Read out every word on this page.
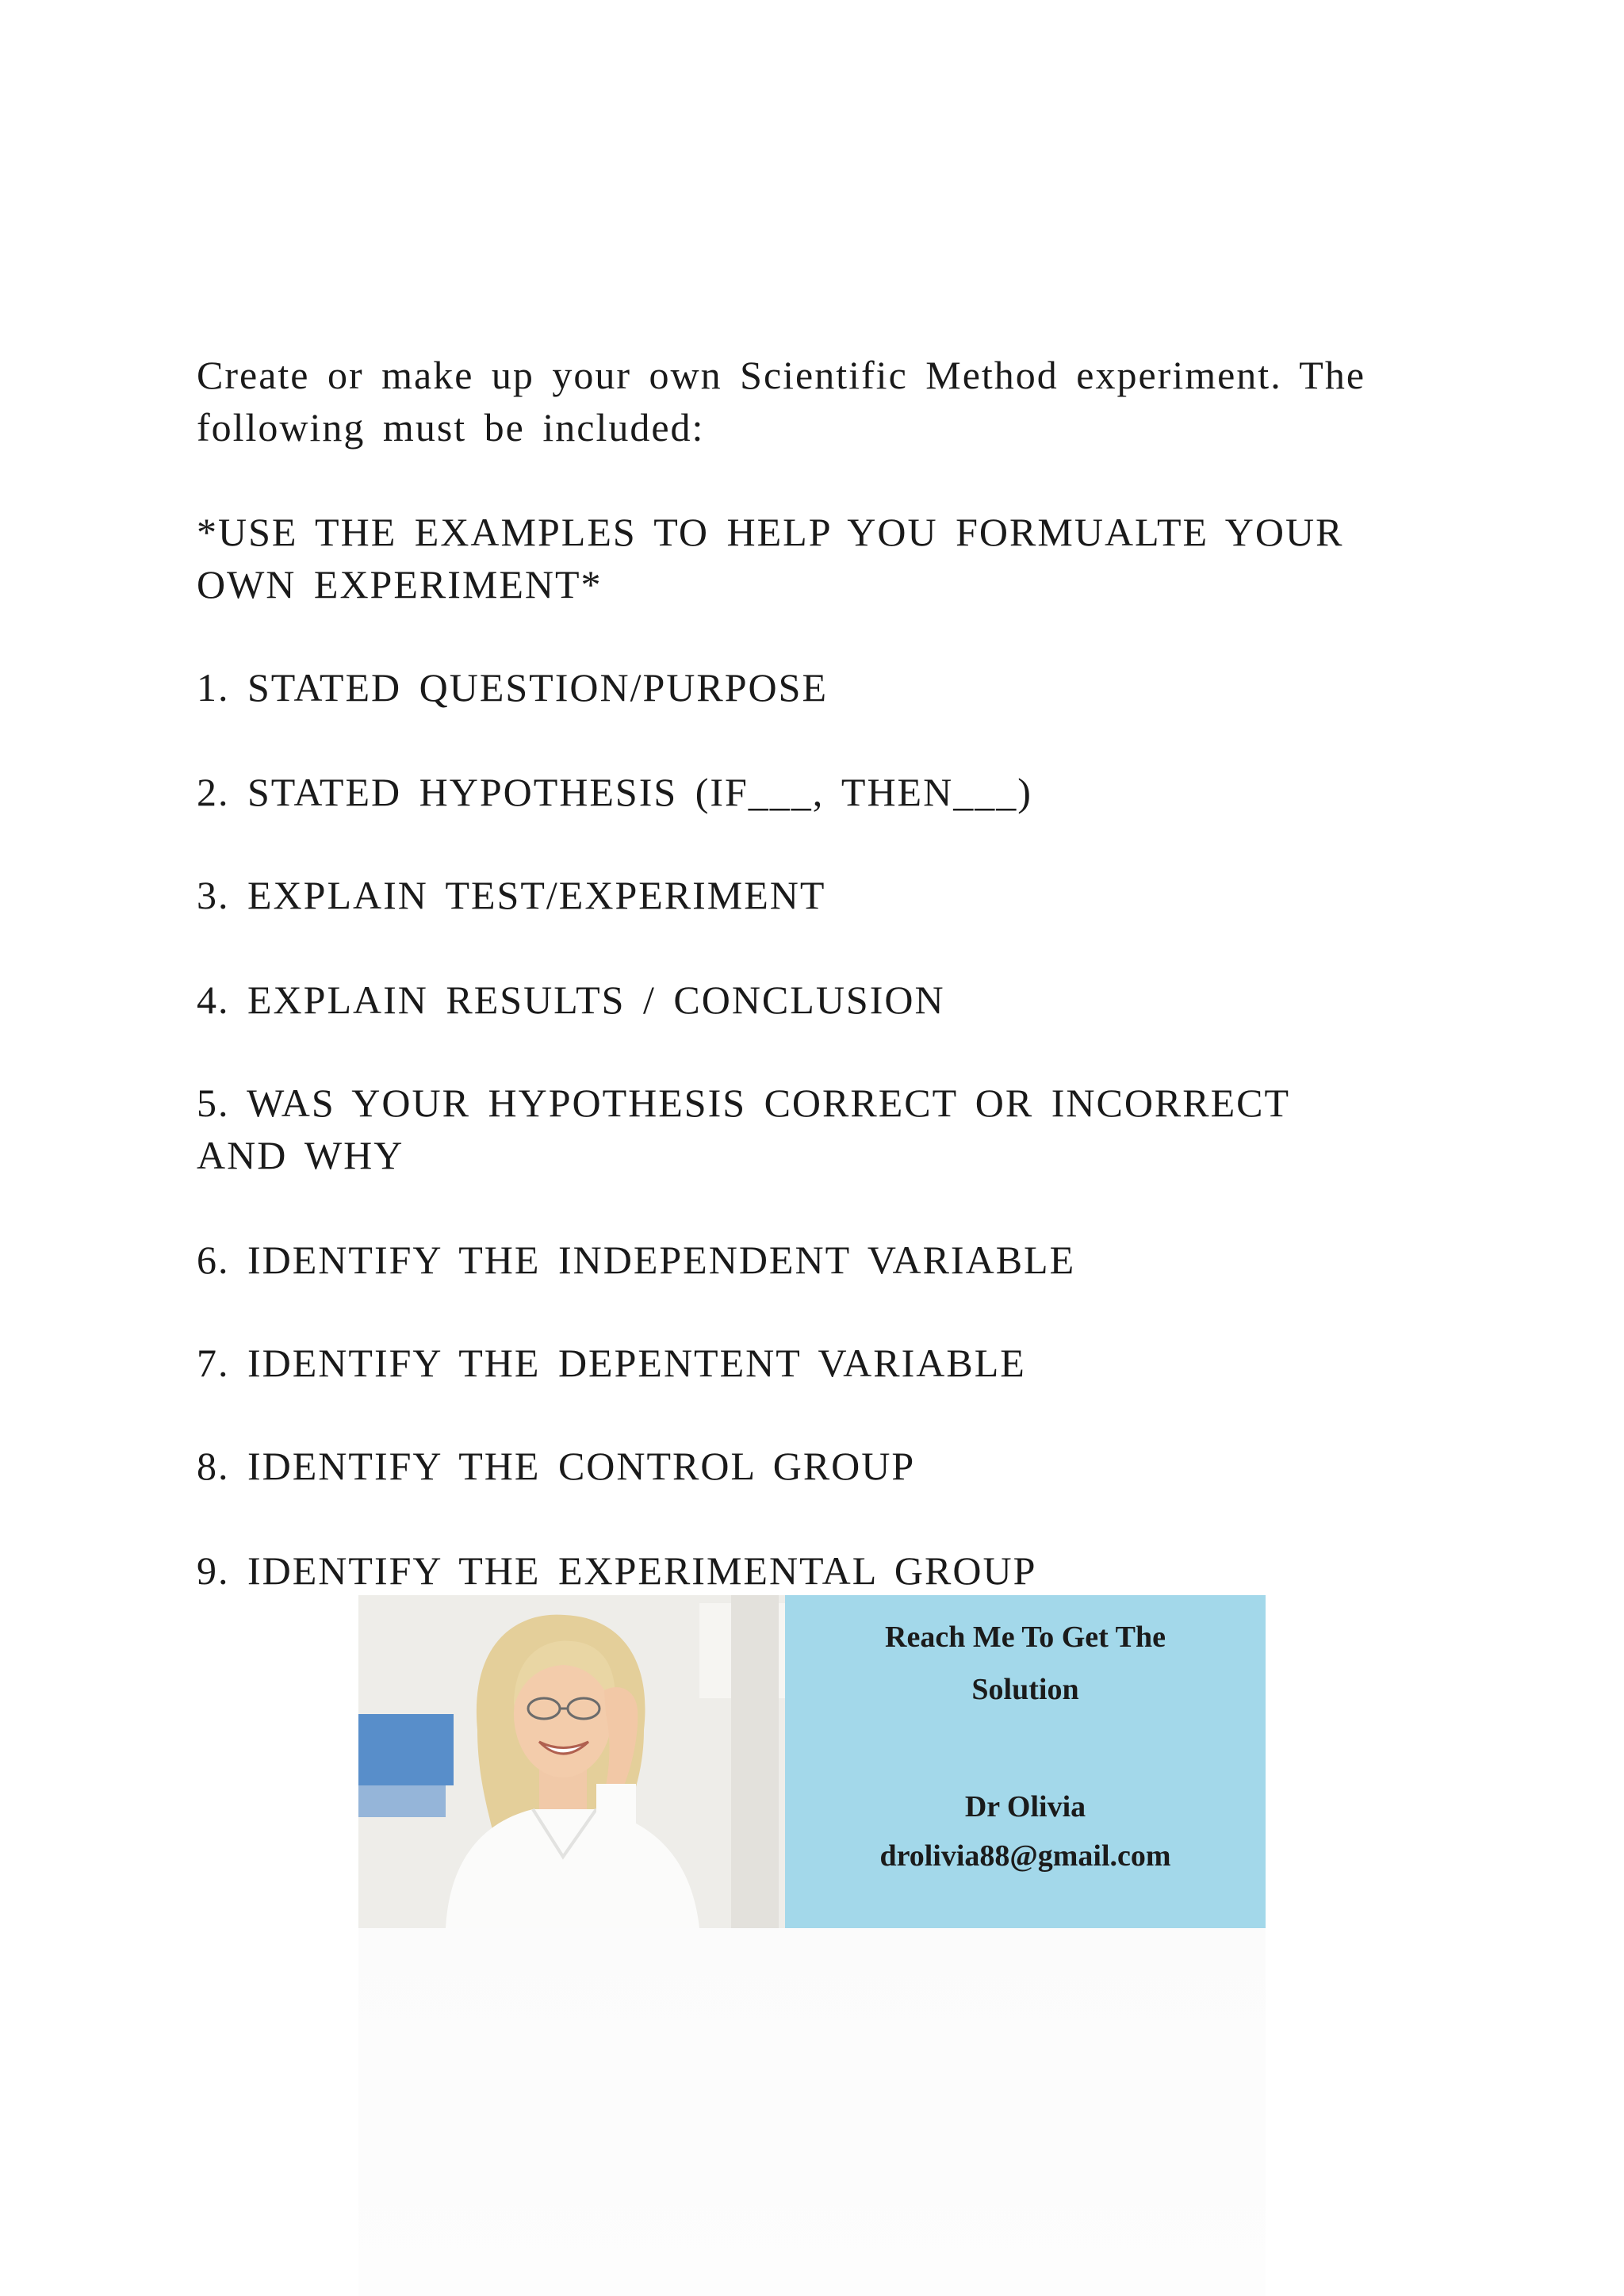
Create or make up your own Scientific Method experiment. The
following must be included:

*USE THE EXAMPLES TO HELP YOU FORMUALTE YOUR
OWN EXPERIMENT*

1. STATED QUESTION/PURPOSE

2. STATED HYPOTHESIS (IF___, THEN___)

3. EXPLAIN TEST/EXPERIMENT

4. EXPLAIN RESULTS / CONCLUSION

5. WAS YOUR HYPOTHESIS CORRECT OR INCORRECT
AND WHY

6. IDENTIFY THE INDEPENDENT VARIABLE

7. IDENTIFY THE DEPENTENT VARIABLE

8. IDENTIFY THE CONTROL GROUP

9. IDENTIFY THE EXPERIMENTAL GROUP

Reach Me To Get The
Solution
Dr Olivia
drolivia88@gmail.com
